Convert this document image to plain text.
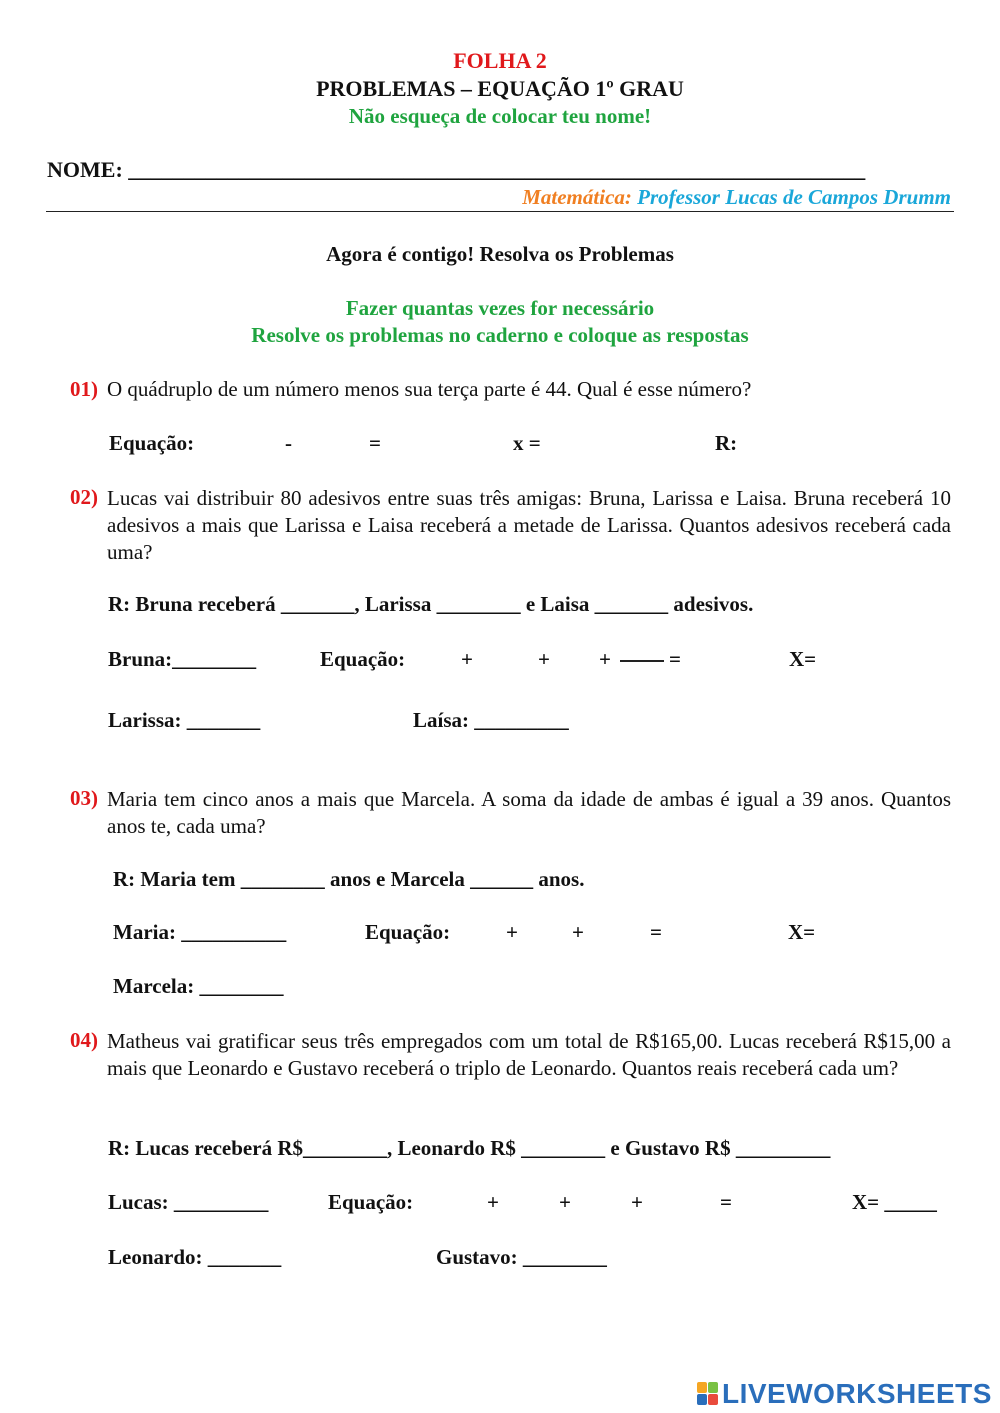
FOLHA 2
PROBLEMAS – EQUAÇÃO 1º GRAU
Não esqueça de colocar teu nome!
NOME: ___________________________________________________________________
Matemática: Professor Lucas de Campos Drumm
Agora é contigo! Resolva os Problemas
Fazer quantas vezes for necessário
Resolve os problemas no caderno e coloque as respostas
01) O quádruplo de um número menos sua terça parte é 44. Qual é esse número?
Equação:	-	=	x =	R:
02) Lucas vai distribuir 80 adesivos entre suas três amigas: Bruna, Larissa e Laisa. Bruna receberá 10 adesivos a mais que Larissa e Laisa receberá a metade de Larissa. Quantos adesivos receberá cada uma?
R: Bruna receberá _______, Larissa ________ e Laisa _______ adesivos.
Bruna:________	Equação:	+	+ +	=	X=
Larissa: _______	Laísa: _________
03) Maria tem cinco anos a mais que Marcela. A soma da idade de ambas é igual a 39 anos. Quantos anos te, cada uma?
R: Maria tem ________ anos e Marcela ______ anos.
Maria: __________	Equação:	+	+	=	X=
Marcela: ________
04) Matheus vai gratificar seus três empregados com um total de R$165,00. Lucas receberá R$15,00 a mais que Leonardo e Gustavo receberá o triplo de Leonardo. Quantos reais receberá cada um?
R: Lucas receberá R$________, Leonardo R$ ________ e Gustavo R$ _________
Lucas: _________	Equação:	+	+	+	=	X= _____
Leonardo: _______	Gustavo: ________
LIVEWORKSHEETS
